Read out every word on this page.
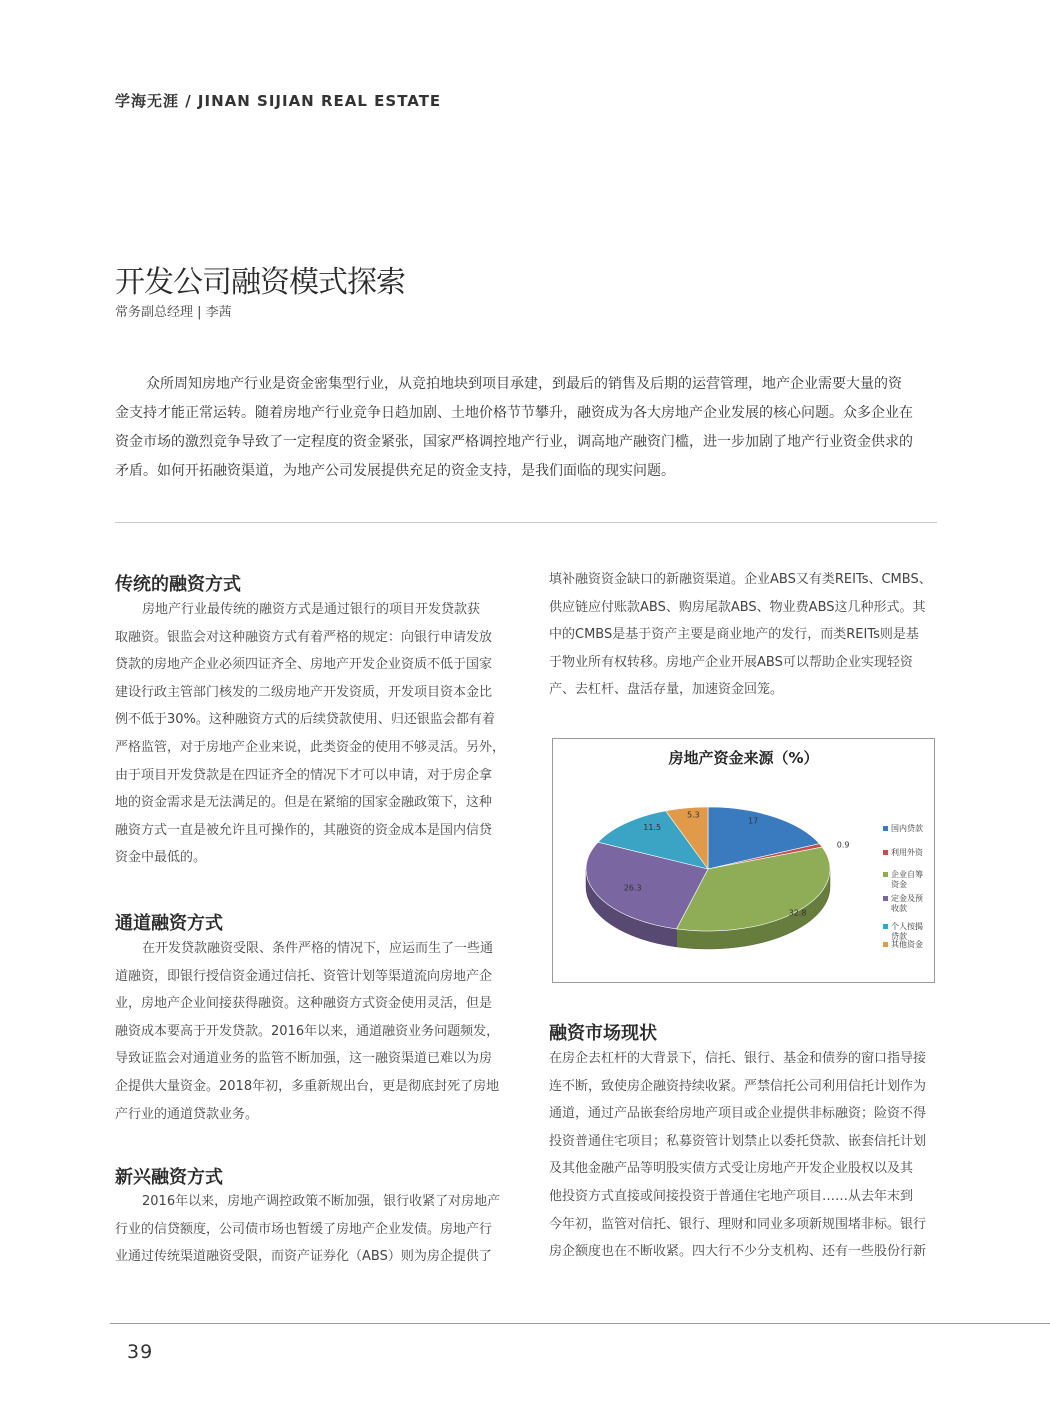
学海无涯 / JINAN SIJIAN REAL ESTATE
开发公司融资模式探索
常务副总经理 | 李茜
众所周知房地产行业是资金密集型行业，从竞拍地块到项目承建，到最后的销售及后期的运营管理，地产企业需要大量的资
金支持才能正常运转。随着房地产行业竞争日趋加剧、土地价格节节攀升，融资成为各大房地产企业发展的核心问题。众多企业在
资金市场的激烈竞争导致了一定程度的资金紧张，国家严格调控地产行业，调高地产融资门槛，进一步加剧了地产行业资金供求的
矛盾。如何开拓融资渠道，为地产公司发展提供充足的资金支持，是我们面临的现实问题。
传统的融资方式
房地产行业最传统的融资方式是通过银行的项目开发贷款获
取融资。银监会对这种融资方式有着严格的规定：向银行申请发放
贷款的房地产企业必须四证齐全、房地产开发企业资质不低于国家
建设行政主管部门核发的二级房地产开发资质，开发项目资本金比
例不低于30%。这种融资方式的后续贷款使用、归还银监会都有着
严格监管，对于房地产企业来说，此类资金的使用不够灵活。另外，
由于项目开发贷款是在四证齐全的情况下才可以申请，对于房企拿
地的资金需求是无法满足的。但是在紧缩的国家金融政策下，这种
融资方式一直是被允许且可操作的，其融资的资金成本是国内信贷
资金中最低的。
通道融资方式
在开发贷款融资受限、条件严格的情况下，应运而生了一些通
道融资，即银行授信资金通过信托、资管计划等渠道流向房地产企
业，房地产企业间接获得融资。这种融资方式资金使用灵活，但是
融资成本要高于开发贷款。2016年以来，通道融资业务问题频发，
导致证监会对通道业务的监管不断加强，这一融资渠道已难以为房
企提供大量资金。2018年初，多重新规出台，更是彻底封死了房地
产行业的通道贷款业务。
新兴融资方式
2016年以来，房地产调控政策不断加强，银行收紧了对房地产
行业的信贷额度，公司债市场也暂缓了房地产企业发债。房地产行
业通过传统渠道融资受限，而资产证券化（ABS）则为房企提供了
填补融资资金缺口的新融资渠道。企业ABS又有类REITs、CMBS、
供应链应付账款ABS、购房尾款ABS、物业费ABS这几种形式。其
中的CMBS是基于资产主要是商业地产的发行，而类REITs则是基
于物业所有权转移。房地产企业开展ABS可以帮助企业实现轻资
产、去杠杆、盘活存量，加速资金回笼。
房地产资金来源（%）
17
0.9
32.8
26.3
11.5
5.3
国内贷款
利用外资
企业自筹
资金
定金及预
收款
个人按揭
贷款
其他资金
融资市场现状
在房企去杠杆的大背景下，信托、银行、基金和债券的窗口指导接
连不断，致使房企融资持续收紧。严禁信托公司利用信托计划作为
通道，通过产品嵌套给房地产项目或企业提供非标融资；险资不得
投资普通住宅项目；私募资管计划禁止以委托贷款、嵌套信托计划
及其他金融产品等明股实债方式受让房地产开发企业股权以及其
他投资方式直接或间接投资于普通住宅地产项目……从去年末到
今年初，监管对信托、银行、理财和同业多项新规围堵非标。银行
房企额度也在不断收紧。四大行不少分支机构、还有一些股份行新
39
